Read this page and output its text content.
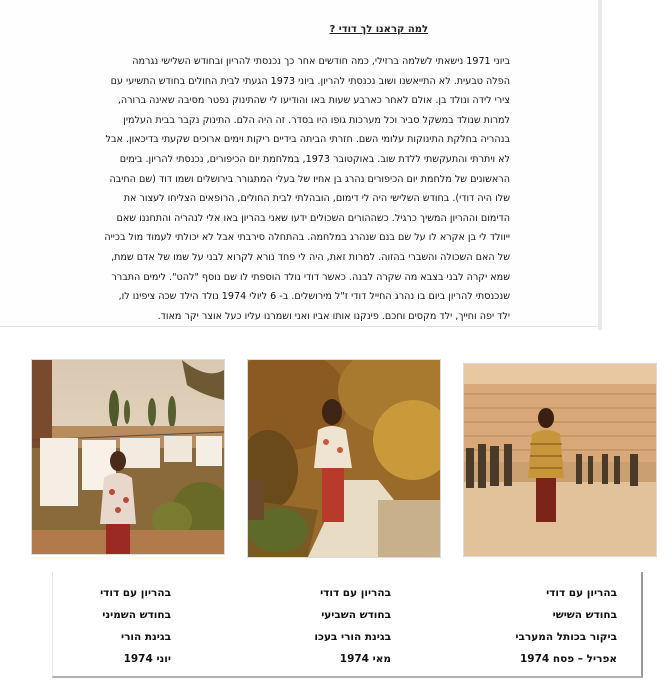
למה קראנו לך דודי ?
ביוני 1971 נישאתי לשלמה ברזילי, כמה חודשים אחר כך נכנסתי להריון ובחודש השלישי נגרמה
הפלה טבעית. לא התייאשנו ושוב נכנסתי להריון. ביוני 1973 הגעתי לבית החולים בחודש התשיעי עם
צירי לידה ונולד בן. אולם לאחר כארבע שעות באו והודיעו לי שהתינוק נפטר מסיבה שאינה ברורה,
למרות שנולד במשקל סביר וכל מערכות גופו היו בסדר. זה היה הלם. התינוק נקבר בבית העלמין
בנהריה בחלקת התינוקות עלומי השם. חזרתי הביתה בידיים ריקות וימים ארוכים שקעתי בדיכאון. אבל
לא ויתרתי והתעקשתי ללדת שוב. באוקטובר 1973, במלחמת יום הכיפורים, נכנסתי להריון. בימים
הראשונים של מלחמת יום הכיפורים נהרג בן אחיו של בעלי המתגורר בירושלים ושמו דוד (שם החיבה
שלו היה דודי). בחודש השלישי היה לי דימום, הובהלתי לבית החולים, הרופאים הצליחו לעצור את
הדימום וההריון המשיך כרגיל. כשההורים השכולים ידעו שאני בהריון באו אלי לנהריה והתחננו שאם
ייוולד לי בן אקרא לו על שם בנם שנהרג במלחמה. בהתחלה סירבתי אבל לא יכולתי לעמוד מול בכייה
של האם השכולה והשברי בהזוה. למרות זאת, היה לי פחד נורא לקרוא לבני על שמו של אדם שמת,
שמא יקרה לבני בצבא מה שקרה לבנה. כאשר דודי נולד הוספתי לו שם נוסף "להט". לימים התברר
שנכנסתי להריון ביום בו נהרג החייל דודי ז"ל מירושלים. ב- 6 ליולי 1974 נולד הילד שכה ציפינו לו,
ילד יפה וחייך, ילד מקסים וחכם. פינקנו אותו אביו ואני ושמרנו עליו כעל אוצר יקר מאוד.
בהריון עם דודי
בחודש השמיני
בגינת הורי
יוני 1974
בהריון עם דודי
בחודש השביעי
בגינת הורי בעכו
מאי 1974
בהריון עם דודי
בחודש השישי
ביקור בכותל המערבי
אפריל – פסח 1974
